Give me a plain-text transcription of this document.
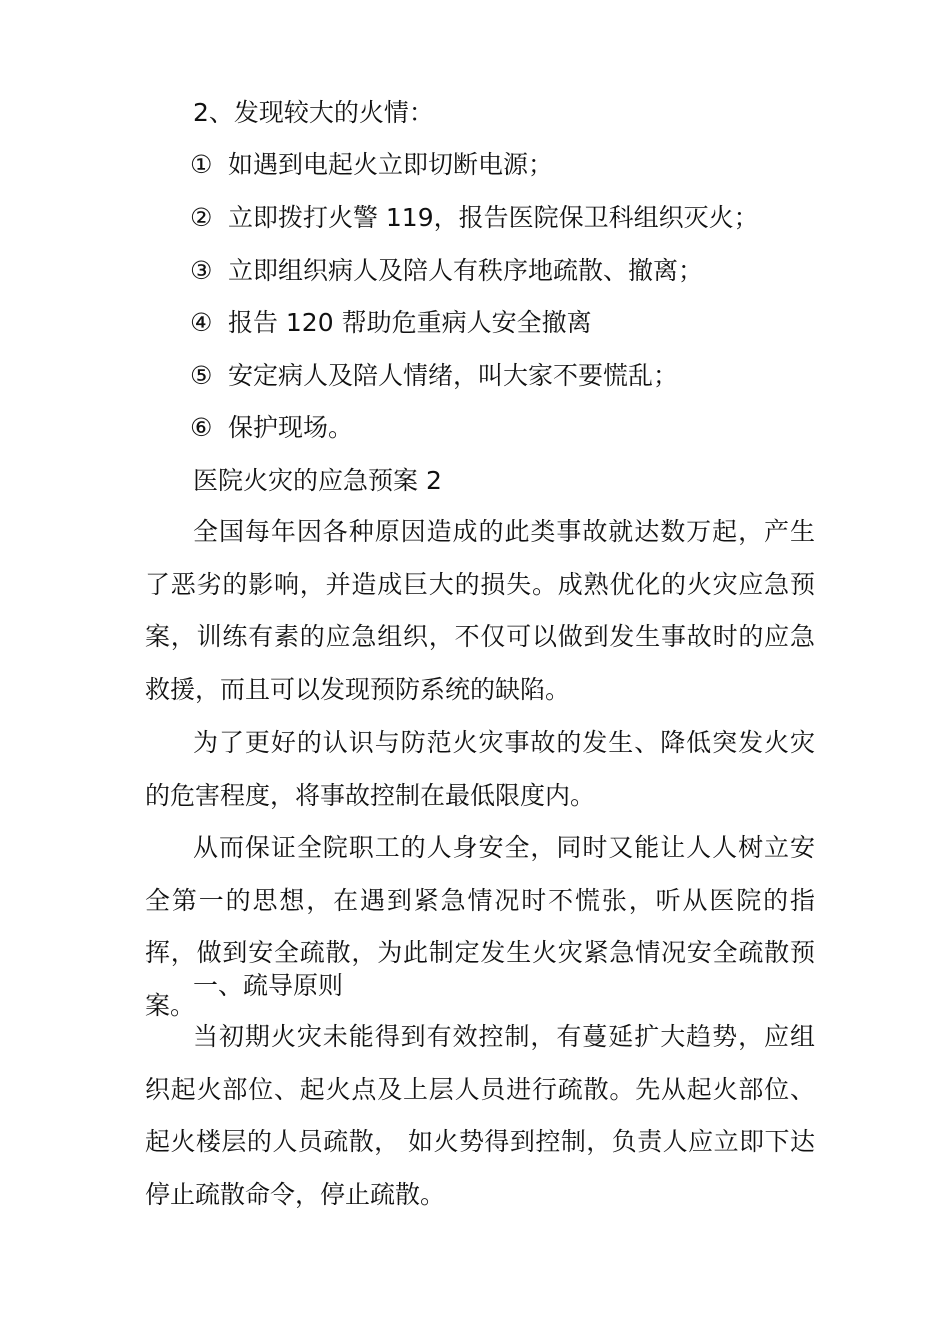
2、发现较大的火情：
① 如遇到电起火立即切断电源；
② 立即拨打火警 119，报告医院保卫科组织灭火；
③ 立即组织病人及陪人有秩序地疏散、撤离；
④ 报告 120 帮助危重病人安全撤离
⑤ 安定病人及陪人情绪，叫大家不要慌乱；
⑥ 保护现场。
医院火灾的应急预案 2
全国每年因各种原因造成的此类事故就达数万起，产生了恶劣的影响，并造成巨大的损失。成熟优化的火灾应急预案，训练有素的应急组织，不仅可以做到发生事故时的应急救援，而且可以发现预防系统的缺陷。
为了更好的认识与防范火灾事故的发生、降低突发火灾的危害程度，将事故控制在最低限度内。
从而保证全院职工的人身安全，同时又能让人人树立安全第一的思想，在遇到紧急情况时不慌张，听从医院的指挥，做到安全疏散，为此制定发生火灾紧急情况安全疏散预案。
一、疏导原则
当初期火灾未能得到有效控制，有蔓延扩大趋势，应组织起火部位、起火点及上层人员进行疏散。先从起火部位、起火楼层的人员疏散， 如火势得到控制，负责人应立即下达停止疏散命令，停止疏散。
